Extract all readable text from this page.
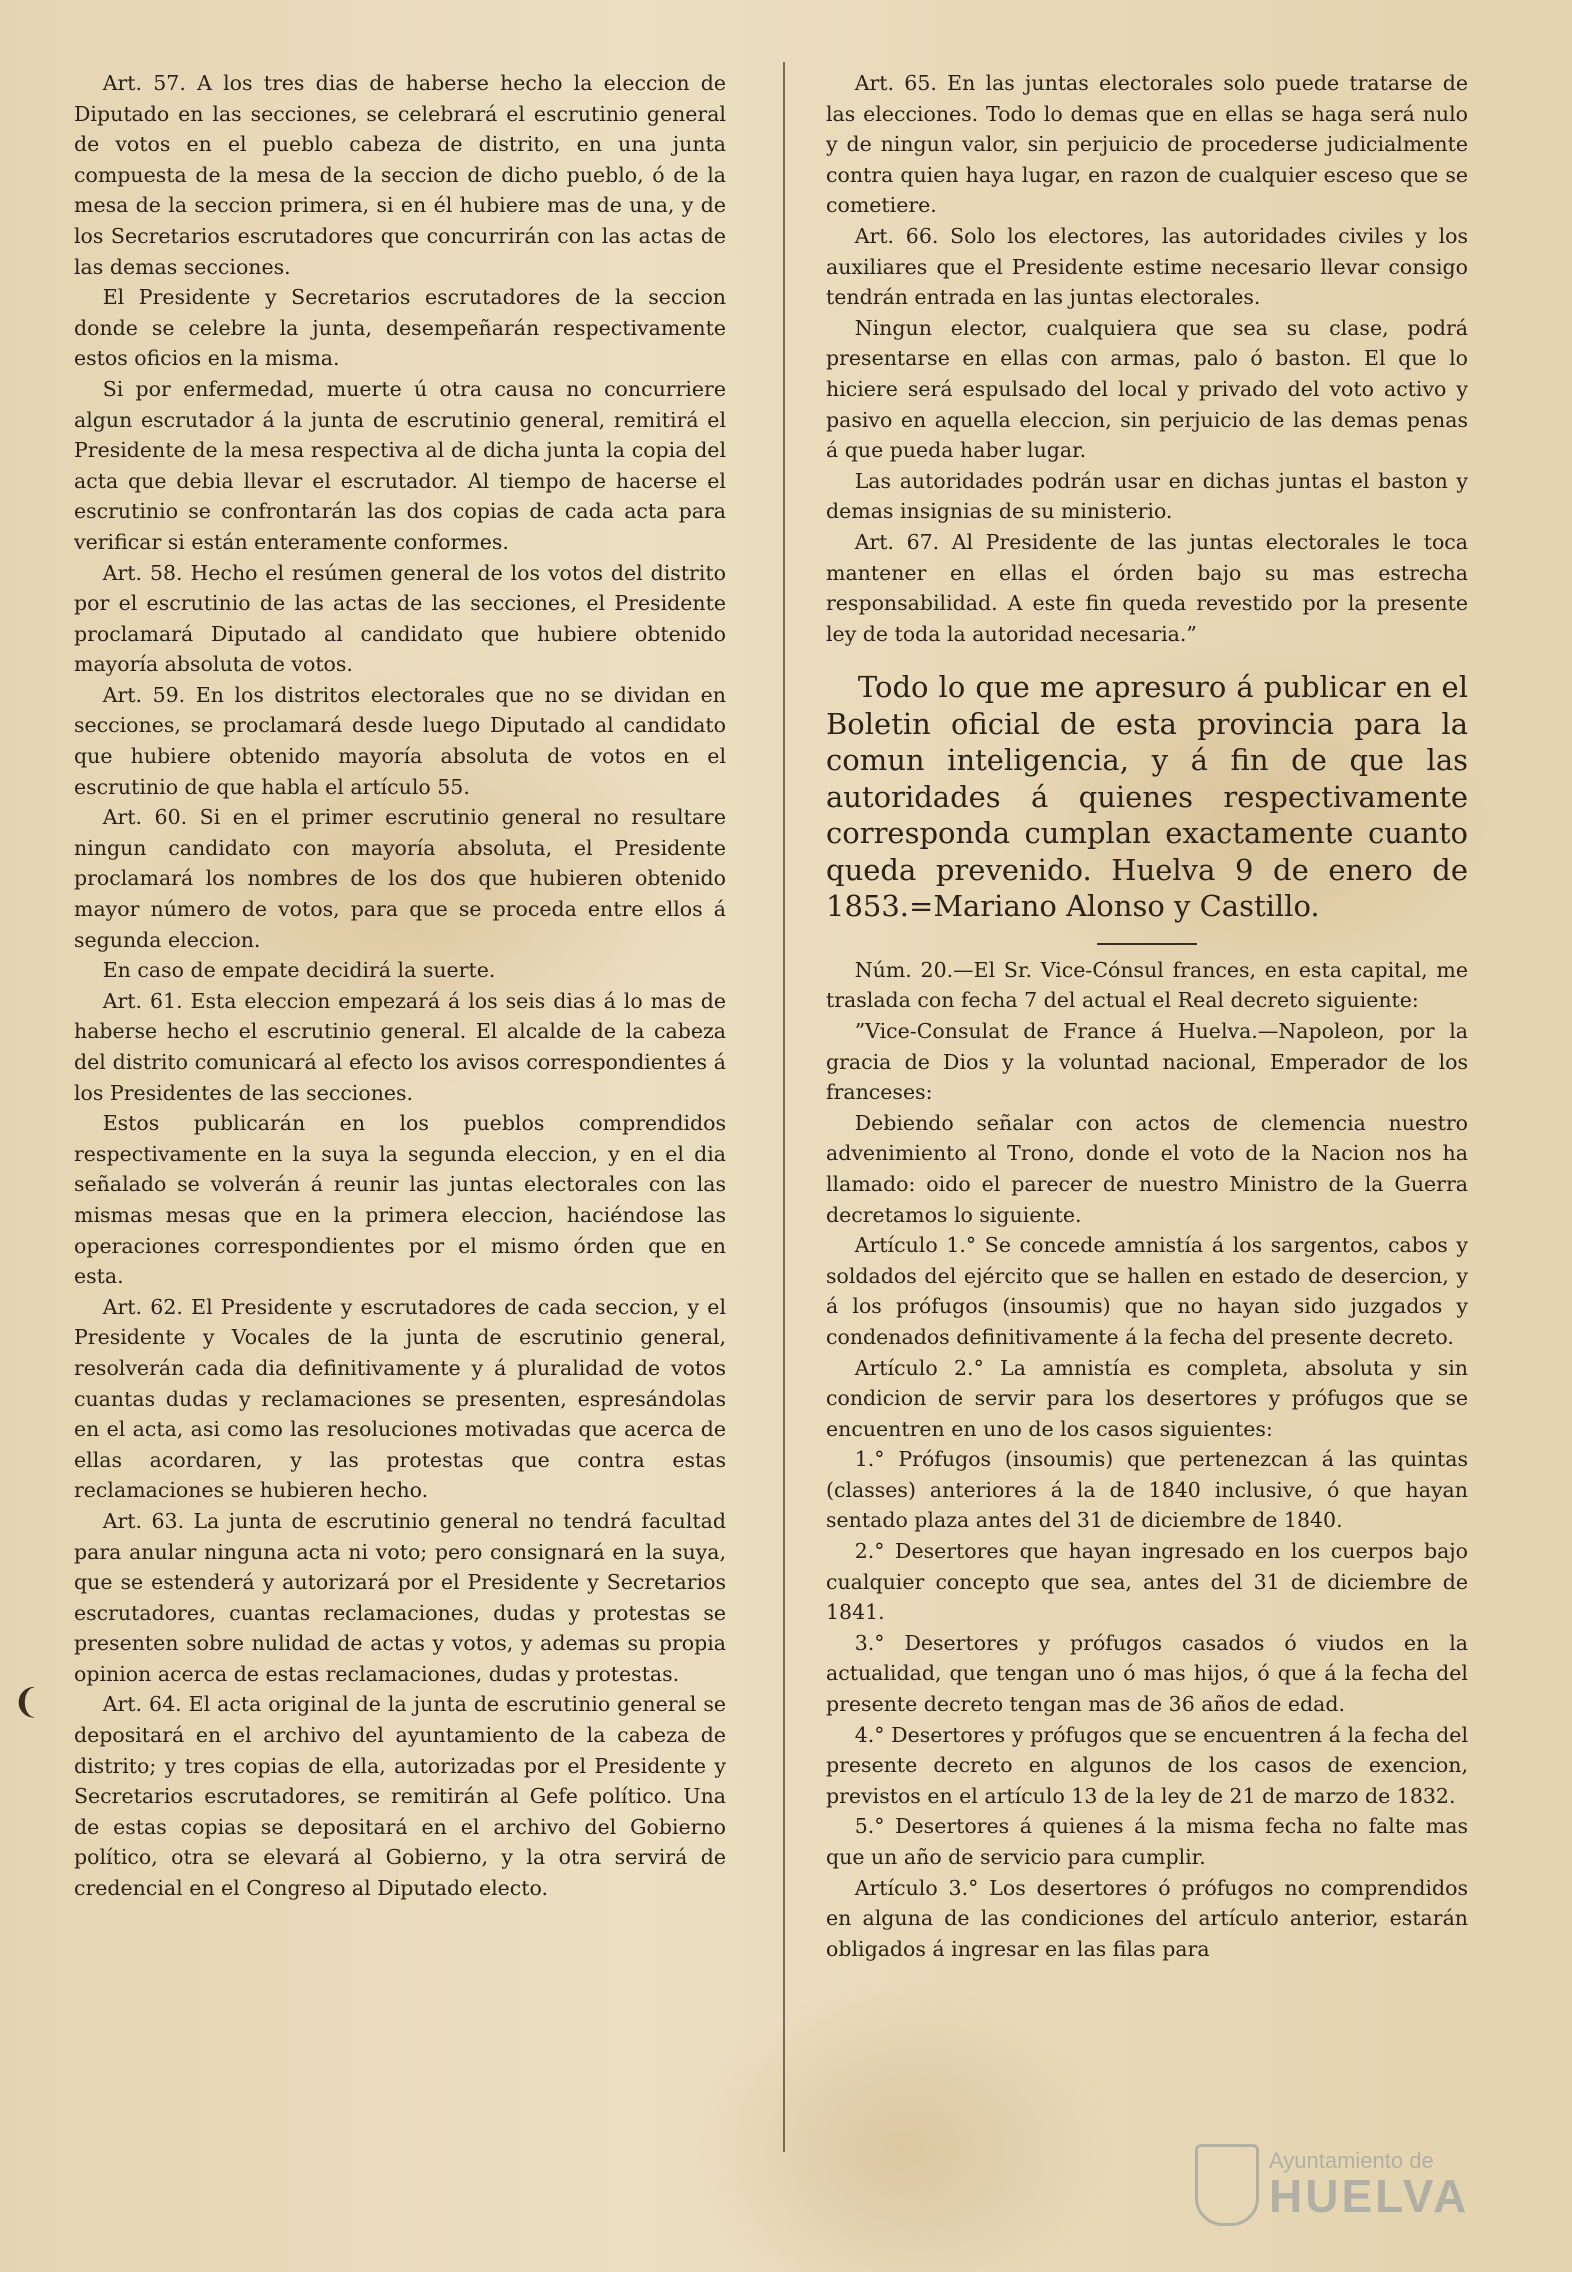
Art. 57. A los tres dias de haberse hecho la eleccion de Diputado en las secciones, se celebrará el escrutinio general de votos en el pueblo cabeza de distrito, en una junta compuesta de la mesa de la seccion de dicho pueblo, ó de la mesa de la seccion primera, si en él hubiere mas de una, y de los Secretarios escrutadores que concurrirán con las actas de las demas secciones.

El Presidente y Secretarios escrutadores de la seccion donde se celebre la junta, desempeñarán respectivamente estos oficios en la misma.

Si por enfermedad, muerte ú otra causa no concurriere algun escrutador á la junta de escrutinio general, remitirá el Presidente de la mesa respectiva al de dicha junta la copia del acta que debia llevar el escrutador. Al tiempo de hacerse el escrutinio se confrontarán las dos copias de cada acta para verificar si están enteramente conformes.

Art. 58. Hecho el resúmen general de los votos del distrito por el escrutinio de las actas de las secciones, el Presidente proclamará Diputado al candidato que hubiere obtenido mayoría absoluta de votos.

Art. 59. En los distritos electorales que no se dividan en secciones, se proclamará desde luego Diputado al candidato que hubiere obtenido mayoría absoluta de votos en el escrutinio de que habla el artículo 55.

Art. 60. Si en el primer escrutinio general no resultare ningun candidato con mayoría absoluta, el Presidente proclamará los nombres de los dos que hubieren obtenido mayor número de votos, para que se proceda entre ellos á segunda eleccion.

En caso de empate decidirá la suerte.

Art. 61. Esta eleccion empezará á los seis dias á lo mas de haberse hecho el escrutinio general. El alcalde de la cabeza del distrito comunicará al efecto los avisos correspondientes á los Presidentes de las secciones.

Estos publicarán en los pueblos comprendidos respectivamente en la suya la segunda eleccion, y en el dia señalado se volverán á reunir las juntas electorales con las mismas mesas que en la primera eleccion, haciéndose las operaciones correspondientes por el mismo órden que en esta.

Art. 62. El Presidente y escrutadores de cada seccion, y el Presidente y Vocales de la junta de escrutinio general, resolverán cada dia definitivamente y á pluralidad de votos cuantas dudas y reclamaciones se presenten, espresándolas en el acta, asi como las resoluciones motivadas que acerca de ellas acordaren, y las protestas que contra estas reclamaciones se hubieren hecho.

Art. 63. La junta de escrutinio general no tendrá facultad para anular ninguna acta ni voto; pero consignará en la suya, que se estenderá y autorizará por el Presidente y Secretarios escrutadores, cuantas reclamaciones, dudas y protestas se presenten sobre nulidad de actas y votos, y ademas su propia opinion acerca de estas reclamaciones, dudas y protestas.

Art. 64. El acta original de la junta de escrutinio general se depositará en el archivo del ayuntamiento de la cabeza de distrito; y tres copias de ella, autorizadas por el Presidente y Secretarios escrutadores, se remitirán al Gefe político. Una de estas copias se depositará en el archivo del Gobierno político, otra se elevará al Gobierno, y la otra servirá de credencial en el Congreso al Diputado electo.

Art. 65. En las juntas electorales solo puede tratarse de las elecciones. Todo lo demas que en ellas se haga será nulo y de ningun valor, sin perjuicio de procederse judicialmente contra quien haya lugar, en razon de cualquier esceso que se cometiere.

Art. 66. Solo los electores, las autoridades civiles y los auxiliares que el Presidente estime necesario llevar consigo tendrán entrada en las juntas electorales.

Ningun elector, cualquiera que sea su clase, podrá presentarse en ellas con armas, palo ó baston. El que lo hiciere será espulsado del local y privado del voto activo y pasivo en aquella eleccion, sin perjuicio de las demas penas á que pueda haber lugar.

Las autoridades podrán usar en dichas juntas el baston y demas insignias de su ministerio.

Art. 67. Al Presidente de las juntas electorales le toca mantener en ellas el órden bajo su mas estrecha responsabilidad. A este fin queda revestido por la presente ley de toda la autoridad necesaria.”

Todo lo que me apresuro á publicar en el Boletin oficial de esta provincia para la comun inteligencia, y á fin de que las autoridades á quienes respectivamente corresponda cumplan exactamente cuanto queda prevenido. Huelva 9 de enero de 1853.=Mariano Alonso y Castillo.

Núm. 20.—El Sr. Vice-Cónsul frances, en esta capital, me traslada con fecha 7 del actual el Real decreto siguiente:

”Vice-Consulat de France á Huelva.—Napoleon, por la gracia de Dios y la voluntad nacional, Emperador de los franceses:

Debiendo señalar con actos de clemencia nuestro advenimiento al Trono, donde el voto de la Nacion nos ha llamado: oido el parecer de nuestro Ministro de la Guerra decretamos lo siguiente.

Artículo 1.° Se concede amnistía á los sargentos, cabos y soldados del ejército que se hallen en estado de desercion, y á los prófugos (insoumis) que no hayan sido juzgados y condenados definitivamente á la fecha del presente decreto.

Artículo 2.° La amnistía es completa, absoluta y sin condicion de servir para los desertores y prófugos que se encuentren en uno de los casos siguientes:

1.° Prófugos (insoumis) que pertenezcan á las quintas (classes) anteriores á la de 1840 inclusive, ó que hayan sentado plaza antes del 31 de diciembre de 1840.

2.° Desertores que hayan ingresado en los cuerpos bajo cualquier concepto que sea, antes del 31 de diciembre de 1841.

3.° Desertores y prófugos casados ó viudos en la actualidad, que tengan uno ó mas hijos, ó que á la fecha del presente decreto tengan mas de 36 años de edad.

4.° Desertores y prófugos que se encuentren á la fecha del presente decreto en algunos de los casos de exencion, previstos en el artículo 13 de la ley de 21 de marzo de 1832.

5.° Desertores á quienes á la misma fecha no falte mas que un año de servicio para cumplir.

Artículo 3.° Los desertores ó prófugos no comprendidos en alguna de las condiciones del artículo anterior, estarán obligados á ingresar en las filas para

❨
Ayuntamiento de
HUELVA
